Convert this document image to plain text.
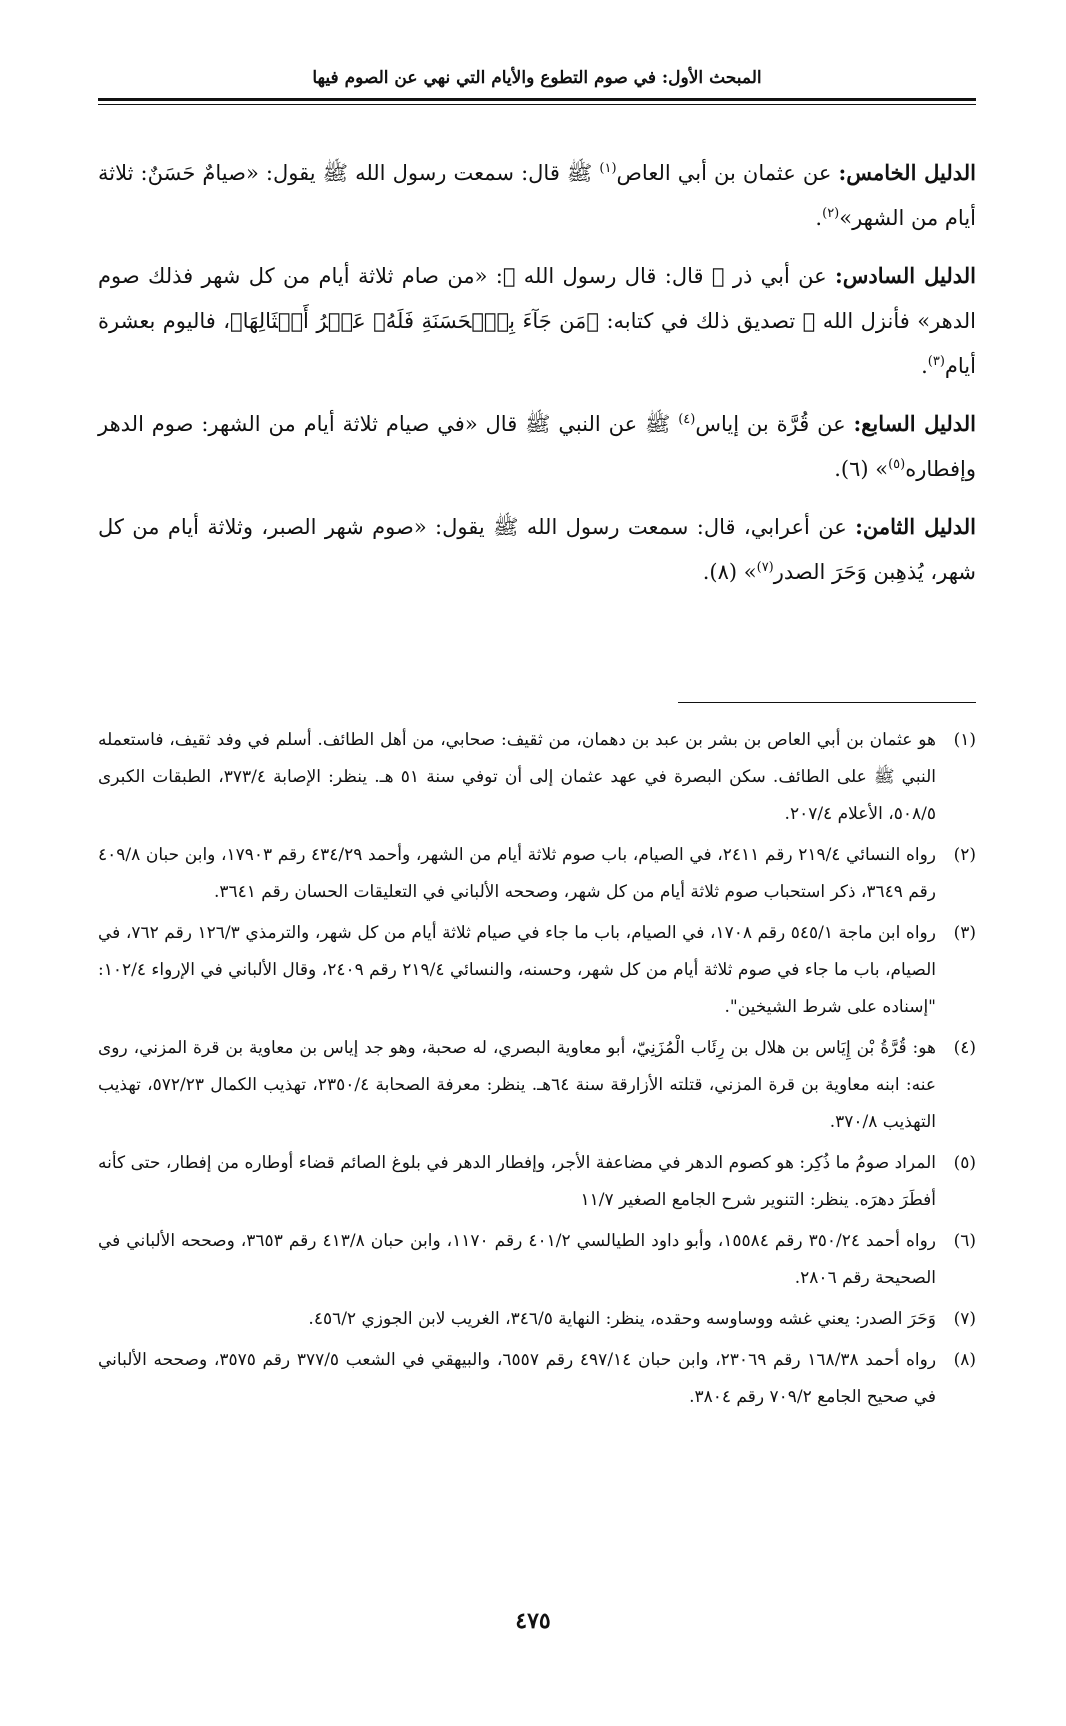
المبحث الأول: في صوم التطوع والأيام التي نهي عن الصوم فيها

الدليل الخامس: عن عثمان بن أبي العاص$^{(١)}$ ﷺ قال: سمعت رسول الله ﷺ يقول: «صيامٌ حَسَنٌ: ثلاثة أيام من الشهر»$^{(٢)}$.

الدليل السادس: عن أبي ذر ﷺ قال: قال رسول الله ﷺ: «من صام ثلاثة أيام من كل شهر فذلك صوم الدهر» فأنزل الله ﷻ تصديق ذلك في كتابه: ﴿مَن جَآءَ بِٱلۡحَسَنَةِ فَلَهُۥ عَشۡرُ أَمۡثَالِهَا﴾، فاليوم بعشرة أيام$^{(٣)}$.

الدليل السابع: عن قُرَّة بن إياس$^{(٤)}$ ﷺ عن النبي ﷺ قال «في صيام ثلاثة أيام من الشهر: صوم الدهر وإفطاره$^{(٥)}$» (٦).

الدليل الثامن: عن أعرابي، قال: سمعت رسول الله ﷺ يقول: «صوم شهر الصبر، وثلاثة أيام من كل شهر، يُذهِبن وَحَرَ الصدر$^{(٧)}$» (٨).

(١)هو عثمان بن أبي العاص بن بشر بن عبد بن دهمان، من ثقيف: صحابي، من أهل الطائف. أسلم في وفد ثقيف، فاستعمله النبي ﷺ على الطائف. سكن البصرة في عهد عثمان إلى أن توفي سنة ٥١ هـ. ينظر: الإصابة ٣٧٣/٤، الطبقات الكبرى ٥٠٨/٥، الأعلام ٢٠٧/٤.

(٢)رواه النسائي ٢١٩/٤ رقم ٢٤١١، في الصيام، باب صوم ثلاثة أيام من الشهر، وأحمد ٤٣٤/٢٩ رقم ١٧٩٠٣، وابن حبان ٤٠٩/٨ رقم ٣٦٤٩، ذكر استحباب صوم ثلاثة أيام من كل شهر، وصححه الألباني في التعليقات الحسان رقم ٣٦٤١.

(٣)رواه ابن ماجة ٥٤٥/١ رقم ١٧٠٨، في الصيام، باب ما جاء في صيام ثلاثة أيام من كل شهر، والترمذي ١٢٦/٣ رقم ٧٦٢، في الصيام، باب ما جاء في صوم ثلاثة أيام من كل شهر، وحسنه، والنسائي ٢١٩/٤ رقم ٢٤٠٩، وقال الألباني في الإرواء ١٠٢/٤: "إسناده على شرط الشيخين".

(٤)هو: قُرَّةُ بْن إِيَاس بن هلال بن رِئَاب الْمُزَنِيّ، أبو معاوية البصري، له صحبة، وهو جد إياس بن معاوية بن قرة المزني، روى عنه: ابنه معاوية بن قرة المزني، قتلته الأزارقة سنة ٦٤هـ. ينظر: معرفة الصحابة ٢٣٥٠/٤، تهذيب الكمال ٥٧٢/٢٣، تهذيب التهذيب ٣٧٠/٨.

(٥)المراد صومُ ما ذُكِر: هو كصوم الدهر في مضاعفة الأجر، وإفطار الدهر في بلوغ الصائم قضاء أوطاره من إفطار، حتى كأنه أفطَرَ دهرَه. ينظر: التنوير شرح الجامع الصغير ١١/٧

(٦)رواه أحمد ٣٥٠/٢٤ رقم ١٥٥٨٤، وأبو داود الطيالسي ٤٠١/٢ رقم ١١٧٠، وابن حبان ٤١٣/٨ رقم ٣٦٥٣، وصححه الألباني في الصحيحة رقم ٢٨٠٦.

(٧)وَحَرَ الصدر: يعني غشه ووساوسه وحقده، ينظر: النهاية ٣٤٦/٥، الغريب لابن الجوزي ٤٥٦/٢.

(٨)رواه أحمد ١٦٨/٣٨ رقم ٢٣٠٦٩، وابن حبان ٤٩٧/١٤ رقم ٦٥٥٧، والبيهقي في الشعب ٣٧٧/٥ رقم ٣٥٧٥، وصححه الألباني في صحيح الجامع ٧٠٩/٢ رقم ٣٨٠٤.

٤٧٥
